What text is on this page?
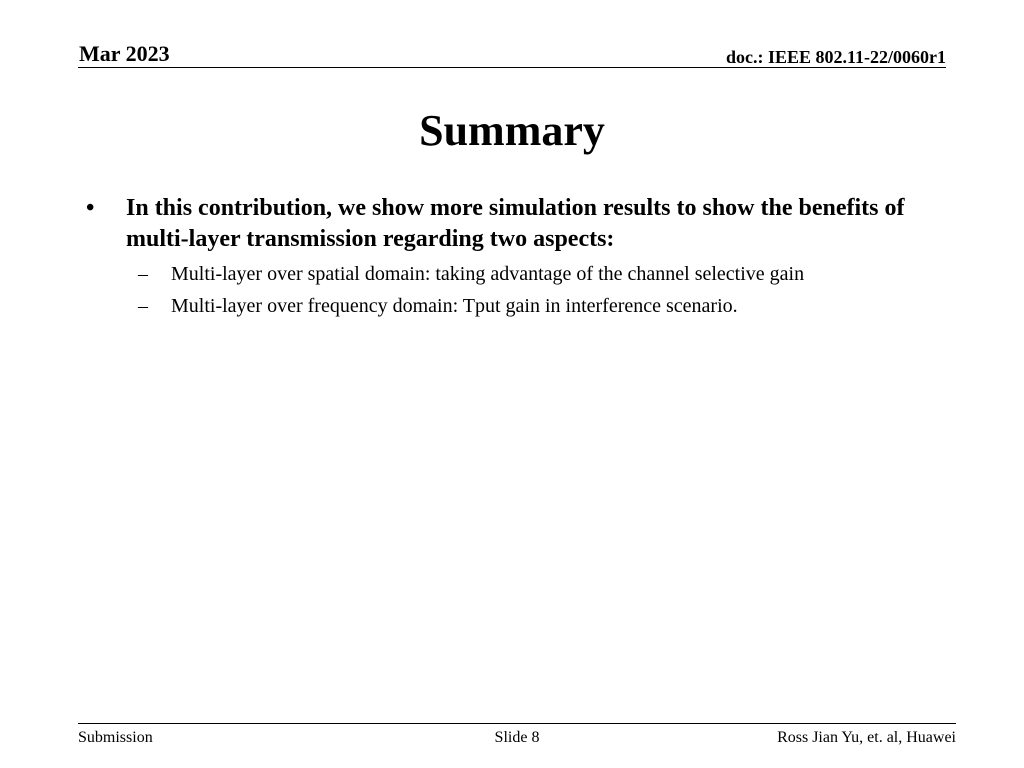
Mar 2023	doc.: IEEE 802.11-22/0060r1
Summary
• In this contribution, we show more simulation results to show the benefits of multi-layer transmission regarding two aspects:
– Multi-layer over spatial domain: taking advantage of the channel selective gain
– Multi-layer over frequency domain: Tput gain in interference scenario.
Submission	Slide 8	Ross Jian Yu, et. al, Huawei
